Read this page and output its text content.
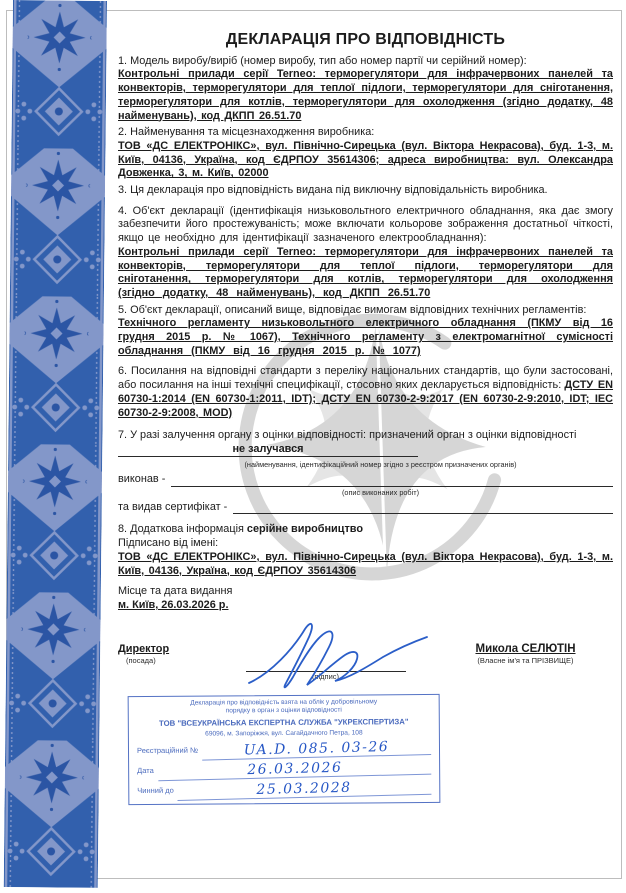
ДЕКЛАРАЦІЯ ПРО ВІДПОВІДНІСТЬ

1. Модель виробу/виріб (номер виробу, тип або номер партії чи серійний номер):
Контрольні прилади серії Terneo: терморегулятори для інфрачервоних панелей та конвекторів, терморегулятори для теплої підлоги, терморегулятори для сніготанення, терморегулятори для котлів, терморегулятори для охолодження (згідно додатку, 48 найменувань), код ДКПП 26.51.70

2. Найменування та місцезнаходження виробника:
ТОВ «ДС ЕЛЕКТРОНІКС», вул. Північно-Сирецька (вул. Віктора Некрасова), буд. 1-3, м. Київ, 04136, Україна, код ЄДРПОУ 35614306; адреса виробництва: вул. Олександра Довженка, 3, м. Київ, 02000

3. Ця декларація про відповідність видана під виключну відповідальність виробника.

4. Об'єкт декларації (ідентифікація низьковольтного електричного обладнання, яка дає змогу забезпечити його простежуваність; може включати кольорове зображення достатньої чіткості, якщо це необхідно для ідентифікації зазначеного електрообладнання):
Контрольні прилади серії Terneo: терморегулятори для інфрачервоних панелей та конвекторів, терморегулятори для теплої підлоги, терморегулятори для сніготанення, терморегулятори для котлів, терморегулятори для охолодження (згідно додатку, 48 найменувань), код ДКПП 26.51.70

5. Об'єкт декларації, описаний вище, відповідає вимогам відповідних технічних регламентів:
Технічного регламенту низьковольтного електричного обладнання (ПКМУ від 16 грудня 2015 р. № 1067), Технічного регламенту з електромагнітної сумісності обладнання (ПКМУ від 16 грудня 2015 р. № 1077)

6. Посилання на відповідні стандарти з переліку національних стандартів, що були застосовані, або посилання на інші технічні специфікації, стосовно яких декларується відповідність: ДСТУ EN 60730-1:2014 (EN 60730-1:2011, IDT); ДСТУ EN 60730-2-9:2017 (EN 60730-2-9:2010, IDT; IEC 60730-2-9:2008, MOD)

7. У разі залучення органу з оцінки відповідності: призначений орган з оцінки відповідностіне залучався

(найменування, ідентифікаційний номер згідно з реєстром призначених органів)
виконав -
(опис виконаних робіт)
та видав сертифікат -

8. Додаткова інформація серійне виробництво
Підписано від імені:
ТОВ «ДС ЕЛЕКТРОНІКС», вул. Північно-Сирецька (вул. Віктора Некрасова), буд. 1-3, м. Київ, 04136, Україна, код ЄДРПОУ 35614306

Місце та дата видання
м. Київ, 26.03.2026 р.

Директор
(посада)
(підпис)
Микола СЕЛЮТІН
(Власне ім'я та ПРІЗВИЩЕ)
Декларація про відповідність взята на облік у добровільному
порядку в орган з оцінки відповідності
ТОВ "ВСЕУКРАЇНСЬКА ЕКСПЕРТНА СЛУЖБА "УКРЕКСПЕРТИЗА"
69096, м. Запоріжжя, вул. Сагайдачного Петра, 108
Реєстраційний №	UA.D. 085. 03-26
Дата	26.03.2026
Чинний до	25.03.2028
